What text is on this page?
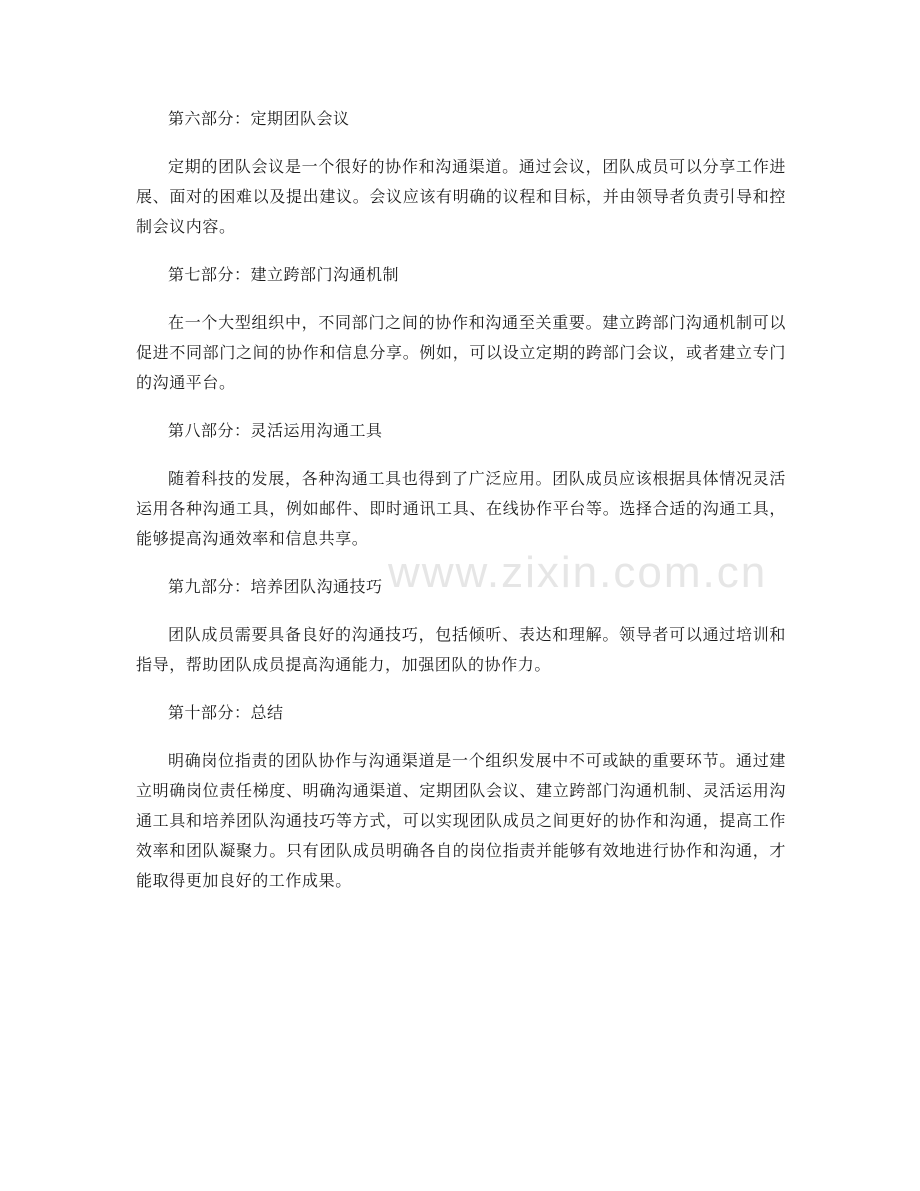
www.zixin.com.cn
第六部分：定期团队会议

定期的团队会议是一个很好的协作和沟通渠道。通过会议，团队成员可以分享工作进展、面对的困难以及提出建议。会议应该有明确的议程和目标，并由领导者负责引导和控制会议内容。

第七部分：建立跨部门沟通机制

在一个大型组织中，不同部门之间的协作和沟通至关重要。建立跨部门沟通机制可以促进不同部门之间的协作和信息分享。例如，可以设立定期的跨部门会议，或者建立专门的沟通平台。

第八部分：灵活运用沟通工具

随着科技的发展，各种沟通工具也得到了广泛应用。团队成员应该根据具体情况灵活运用各种沟通工具，例如邮件、即时通讯工具、在线协作平台等。选择合适的沟通工具，能够提高沟通效率和信息共享。

第九部分：培养团队沟通技巧

团队成员需要具备良好的沟通技巧，包括倾听、表达和理解。领导者可以通过培训和指导，帮助团队成员提高沟通能力，加强团队的协作力。

第十部分：总结

明确岗位指责的团队协作与沟通渠道是一个组织发展中不可或缺的重要环节。通过建立明确岗位责任梯度、明确沟通渠道、定期团队会议、建立跨部门沟通机制、灵活运用沟通工具和培养团队沟通技巧等方式，可以实现团队成员之间更好的协作和沟通，提高工作效率和团队凝聚力。只有团队成员明确各自的岗位指责并能够有效地进行协作和沟通，才能取得更加良好的工作成果。
